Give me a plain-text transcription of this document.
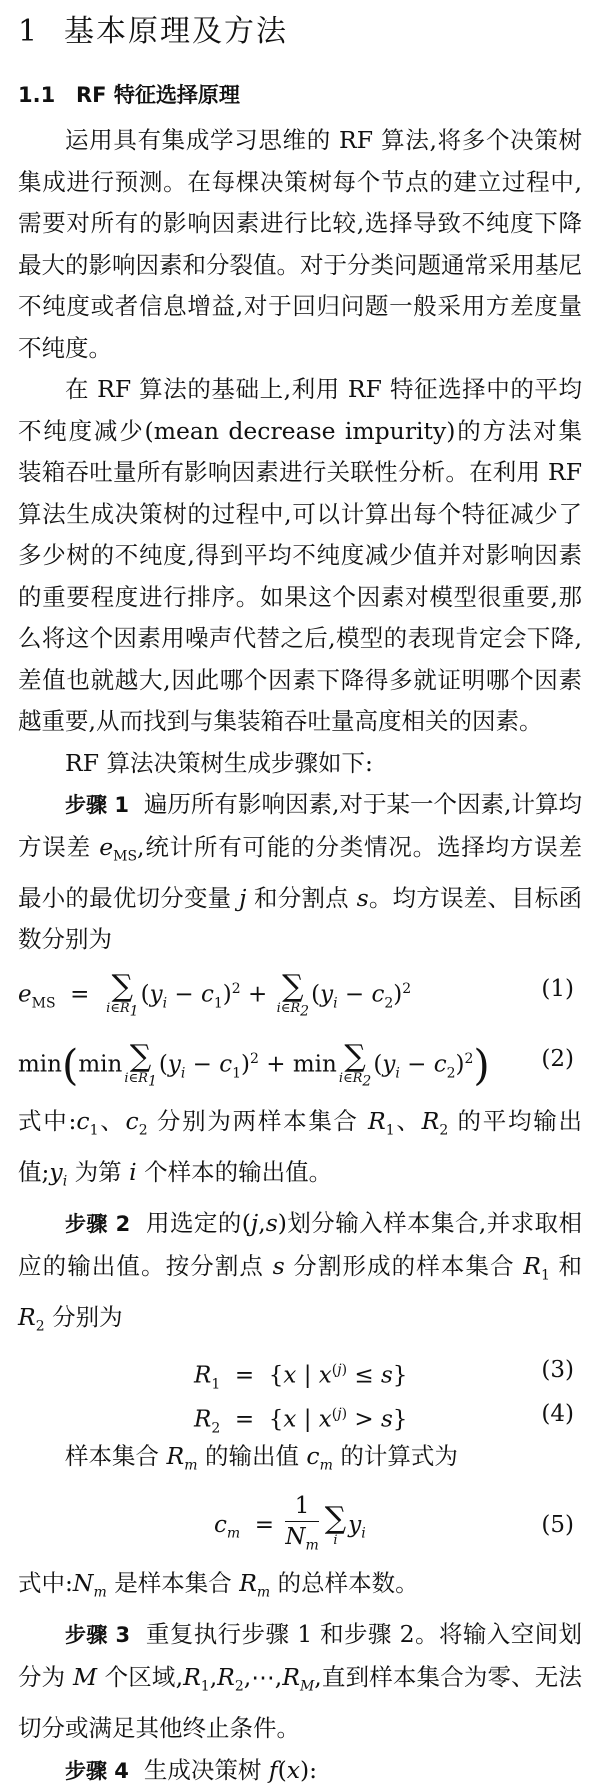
1 基本原理及方法
1.1 RF 特征选择原理

运用具有集成学习思维的 RF 算法,将多个决策树集成进行预测。在每棵决策树每个节点的建立过程中,需要对所有的影响因素进行比较,选择导致不纯度下降最大的影响因素和分裂值。对于分类问题通常采用基尼不纯度或者信息增益,对于回归问题一般采用方差度量不纯度。

在 RF 算法的基础上,利用 RF 特征选择中的平均不纯度减少(mean decrease impurity)的方法对集装箱吞吐量所有影响因素进行关联性分析。在利用 RF 算法生成决策树的过程中,可以计算出每个特征减少了多少树的不纯度,得到平均不纯度减少值并对影响因素的重要程度进行排序。如果这个因素对模型很重要,那么将这个因素用噪声代替之后,模型的表现肯定会下降,差值也就越大,因此哪个因素下降得多就证明哪个因素越重要,从而找到与集装箱吞吐量高度相关的因素。

RF 算法决策树生成步骤如下:

步骤 1 遍历所有影响因素,对于某一个因素,计算均方误差 $e_{MS}$,统计所有可能的分类情况。选择均方误差最小的最优切分变量 j 和分割点 s。均方误差、目标函数分别为

$e_{MS}$  = ∑
$i\in R_1$
$(y_i - c_1)^2$ + ∑
$i\in R_2$
$(y_i - c_2)^2$	(1)
min(min ∑
$i\in R_1$
$(y_i - c_1)^2 + \min$ ∑
$i\in R_2$
$(y_i - c_2)^2$) (2)

式中$:c_1$、$c_2$ 分别为两样本集合 $R_1$、$R_2$ 的平均输出值$;y_i$ 为第 i 个样本的输出值。

步骤 2 用选定的(j,s)划分输入样本集合,并求取相应的输出值。按分割点 s 分割形成的样本集合 $R_1$ 和 $R_2$ 分别为

$R_1 = \{x$ | $x^{(j)} \le s$}	(3)
$R_2 = \{x$ | $x^{(j)} > s$}	(4)

样本集合 $R_m$ 的输出值 $c_m$ 的计算式为

$c_m = \frac{1}{N_m}$ ∑
i
$y_i$	(5)

式中$:N_m$ 是样本集合 $R_m$ 的总样本数。

步骤 3 重复执行步骤 1 和步骤 2。将输入空间划分为 M 个区域$,R_1,R_2,\cdots,R_M$,直到样本集合为零、无法切分或满足其他终止条件。

步骤 4 生成决策树 f(x):
